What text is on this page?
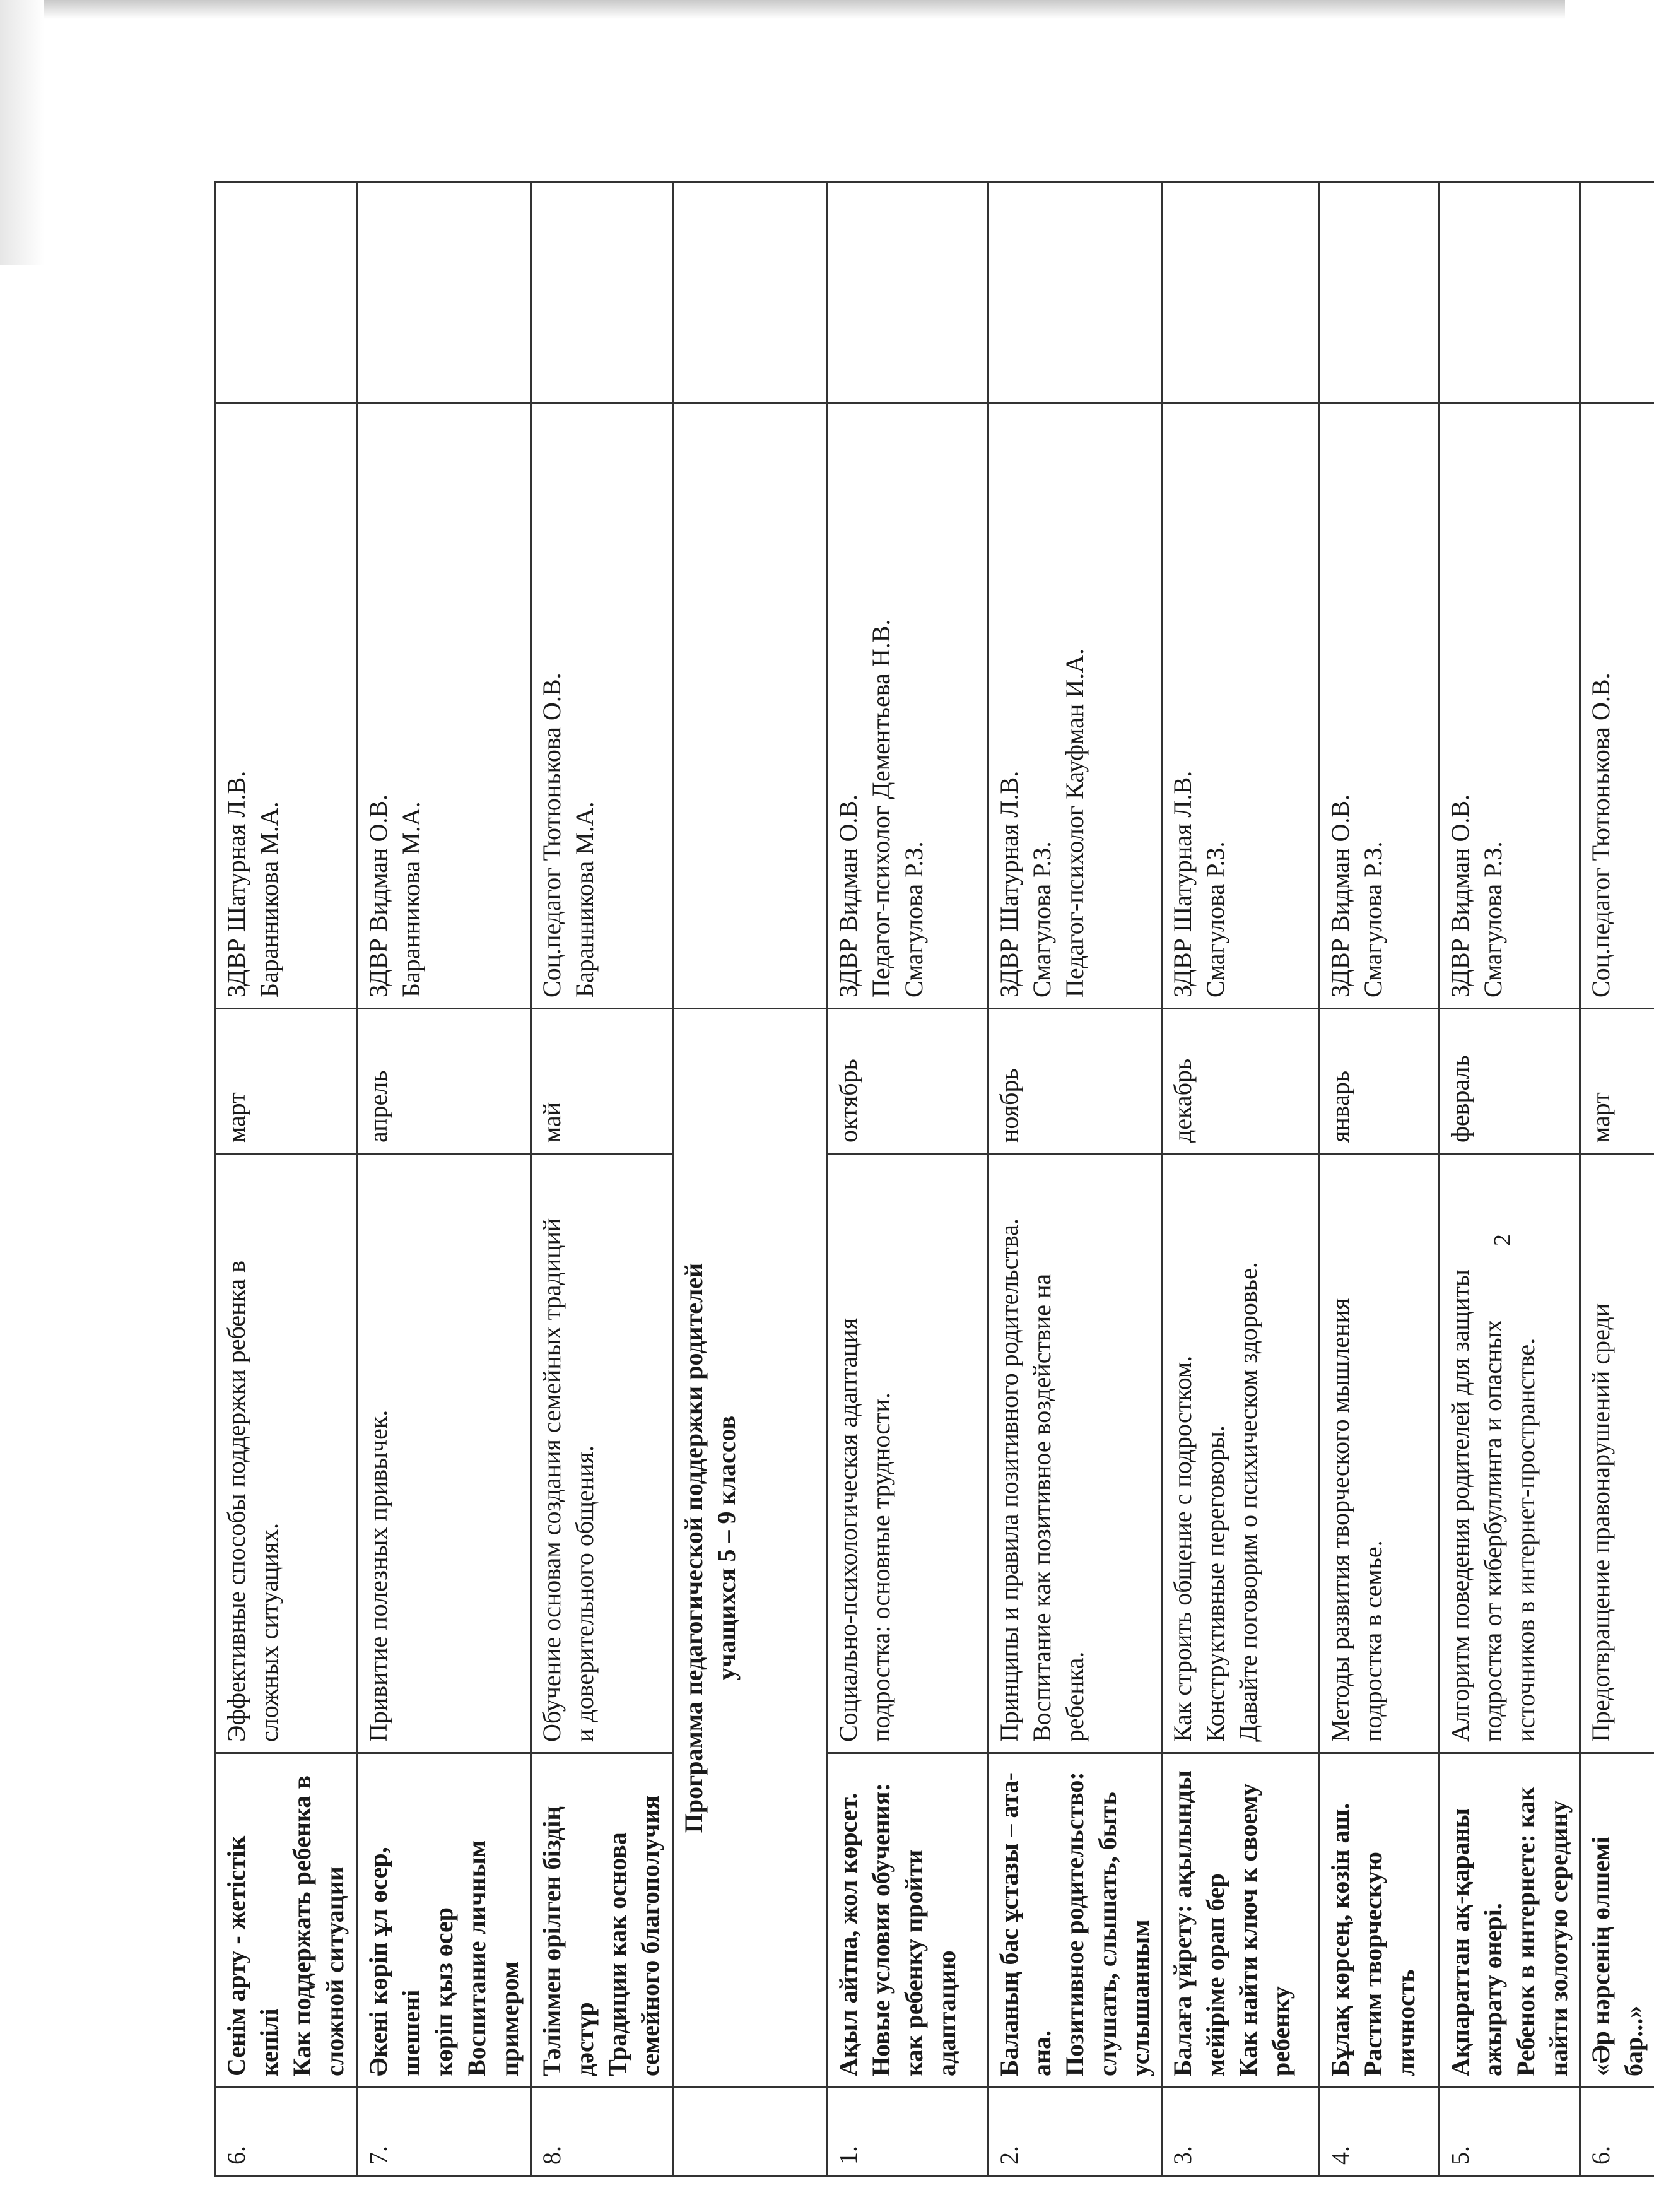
2
6.	Сенім арту - жетістік кепілі Как поддержать ребенка в сложной ситуации	Эффективные способы поддержки ребенка в сложных ситуациях.	март	ЗДВР Шатурная Л.В. Баранникова М.А.	

7.	Әкені көріп ұл өсер, шешені көріп қыз өсер Воспитание личным примером	Привитие полезных привычек.	апрель	ЗДВР Видман О.В. Баранникова М.А.	

8.	Тәліммен өрілген біздің дәстүр Традиции как основа семейного благополучия	Обучение основам создания семейных традиций и доверительного общения.	май	Соц.педагог Тютюнькова О.В. Баранникова М.А.	

	Программа педагогической поддержки родителей учащихся 5 – 9 классов				

1.	Ақыл айтпа, жол көрсет. Новые условия обучения: как ребенку пройти адаптацию	Социально-психологическая адаптация подростка: основные трудности.	октябрь	ЗДВР Видман О.В. Педагог-психолог Дементьева Н.В. Смагулова Р.З.	

2.	Баланың бас ұстазы – ата- ана. Позитивное родительство: слушать, слышать, быть услышанным	Принципы и правила позитивного родительства. Воспитание как позитивное воздействие на ребенка.	ноябрь	ЗДВР Шатурная Л.В. Смагулова Р.З. Педагог-психолог Кауфман И.А.	

3.	Балаға үйрету: ақылынды мейіріме орап бер Как найти ключ к своему ребенку	Как строить общение с подростком. Конструктивные переговоры. Давайте поговорим о психическом здоровье.	декабрь	ЗДВР Шатурная Л.В. Смагулова Р.З.	

4.	Бұлақ көрсең, көзін аш. Растим творческую личность	Методы развития творческого мышления подростка в семье.	январь	ЗДВР Видман О.В. Смагулова Р.З.	

5.	Ақпараттан ақ-қараны ажырату өнері. Ребенок в интернете: как найти золотую середину	Алгоритм поведения родителей для защиты подростка от кибербуллинга и опасных источников в интернет-пространстве.	февраль	ЗДВР Видман О.В. Смагулова Р.З.	

6.	«Әр нәрсенің өлшемі бар...»	Предотвращение правонарушений среди	март	Соц.педагог Тютюнькова О.В.	
